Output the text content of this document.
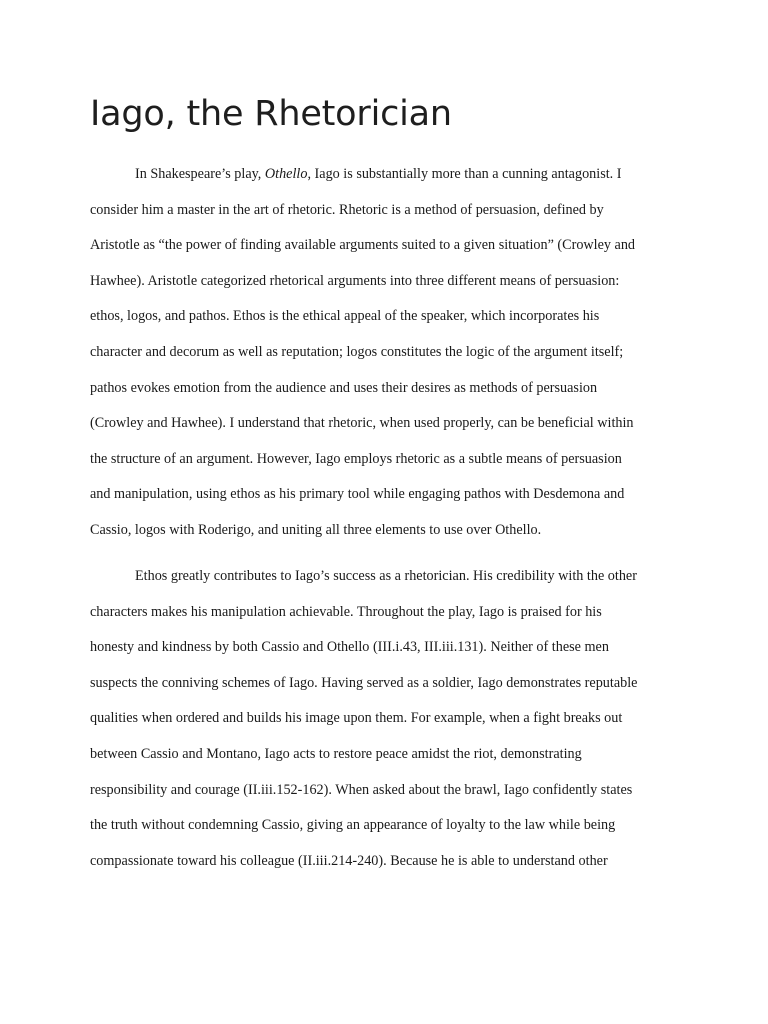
Iago, the Rhetorician
In Shakespeare’s play, Othello, Iago is substantially more than a cunning antagonist. I
consider him a master in the art of rhetoric. Rhetoric is a method of persuasion, defined by
Aristotle as “the power of finding available arguments suited to a given situation” (Crowley and
Hawhee). Aristotle categorized rhetorical arguments into three different means of persuasion:
ethos, logos, and pathos. Ethos is the ethical appeal of the speaker, which incorporates his
character and decorum as well as reputation; logos constitutes the logic of the argument itself;
pathos evokes emotion from the audience and uses their desires as methods of persuasion
(Crowley and Hawhee). I understand that rhetoric, when used properly, can be beneficial within
the structure of an argument. However, Iago employs rhetoric as a subtle means of persuasion
and manipulation, using ethos as his primary tool while engaging pathos with Desdemona and
Cassio, logos with Roderigo, and uniting all three elements to use over Othello.
Ethos greatly contributes to Iago’s success as a rhetorician. His credibility with the other
characters makes his manipulation achievable. Throughout the play, Iago is praised for his
honesty and kindness by both Cassio and Othello (III.i.43, III.iii.131). Neither of these men
suspects the conniving schemes of Iago. Having served as a soldier, Iago demonstrates reputable
qualities when ordered and builds his image upon them. For example, when a fight breaks out
between Cassio and Montano, Iago acts to restore peace amidst the riot, demonstrating
responsibility and courage (II.iii.152-162). When asked about the brawl, Iago confidently states
the truth without condemning Cassio, giving an appearance of loyalty to the law while being
compassionate toward his colleague (II.iii.214-240). Because he is able to understand other
